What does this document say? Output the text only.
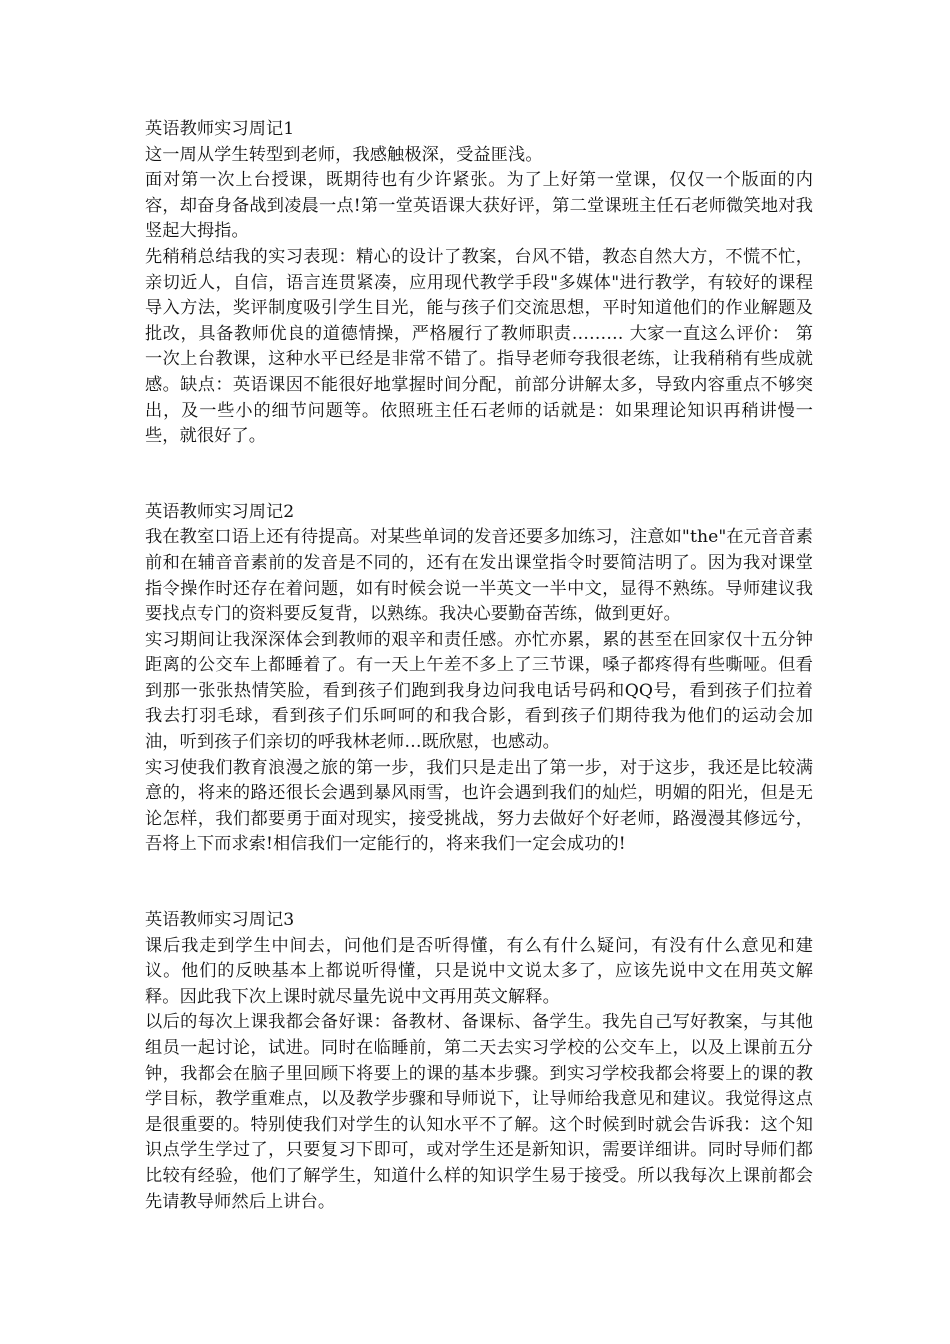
英语教师实习周记1

这一周从学生转型到老师，我感触极深，受益匪浅。

面对第一次上台授课，既期待也有少许紧张。为了上好第一堂课，仅仅一个版面的内容，却奋身备战到凌晨一点!第一堂英语课大获好评，第二堂课班主任石老师微笑地对我竖起大拇指。

先稍稍总结我的实习表现：精心的设计了教案，台风不错，教态自然大方，不慌不忙，亲切近人，自信，语言连贯紧凑，应用现代教学手段"多媒体"进行教学，有较好的课程导入方法，奖评制度吸引学生目光，能与孩子们交流思想，平时知道他们的作业解题及批改，具备教师优良的道德情操，严格履行了教师职责……… 大家一直这么评价： 第一次上台教课，这种水平已经是非常不错了。指导老师夸我很老练，让我稍稍有些成就感。缺点：英语课因不能很好地掌握时间分配，前部分讲解太多，导致内容重点不够突出，及一些小的细节问题等。依照班主任石老师的话就是：如果理论知识再稍讲慢一些，就很好了。

英语教师实习周记2

我在教室口语上还有待提高。对某些单词的发音还要多加练习，注意如"the"在元音音素前和在辅音音素前的发音是不同的，还有在发出课堂指令时要简洁明了。因为我对课堂指令操作时还存在着问题，如有时候会说一半英文一半中文，显得不熟练。导师建议我要找点专门的资料要反复背，以熟练。我决心要勤奋苦练，做到更好。

实习期间让我深深体会到教师的艰辛和责任感。亦忙亦累，累的甚至在回家仅十五分钟距离的公交车上都睡着了。有一天上午差不多上了三节课，嗓子都疼得有些嘶哑。但看到那一张张热情笑脸，看到孩子们跑到我身边问我电话号码和QQ号，看到孩子们拉着我去打羽毛球，看到孩子们乐呵呵的和我合影，看到孩子们期待我为他们的运动会加油，听到孩子们亲切的呼我林老师…既欣慰，也感动。

实习使我们教育浪漫之旅的第一步，我们只是走出了第一步，对于这步，我还是比较满意的，将来的路还很长会遇到暴风雨雪，也许会遇到我们的灿烂，明媚的阳光，但是无论怎样，我们都要勇于面对现实，接受挑战，努力去做好个好老师，路漫漫其修远兮，吾将上下而求索!相信我们一定能行的，将来我们一定会成功的!

英语教师实习周记3

课后我走到学生中间去，问他们是否听得懂，有么有什么疑问，有没有什么意见和建议。他们的反映基本上都说听得懂，只是说中文说太多了，应该先说中文在用英文解释。因此我下次上课时就尽量先说中文再用英文解释。

以后的每次上课我都会备好课：备教材、备课标、备学生。我先自己写好教案，与其他组员一起讨论，试进。同时在临睡前，第二天去实习学校的公交车上，以及上课前五分钟，我都会在脑子里回顾下将要上的课的基本步骤。到实习学校我都会将要上的课的教学目标，教学重难点，以及教学步骤和导师说下，让导师给我意见和建议。我觉得这点是很重要的。特别使我们对学生的认知水平不了解。这个时候到时就会告诉我：这个知识点学生学过了，只要复习下即可，或对学生还是新知识，需要详细讲。同时导师们都比较有经验，他们了解学生，知道什么样的知识学生易于接受。所以我每次上课前都会先请教导师然后上讲台。
